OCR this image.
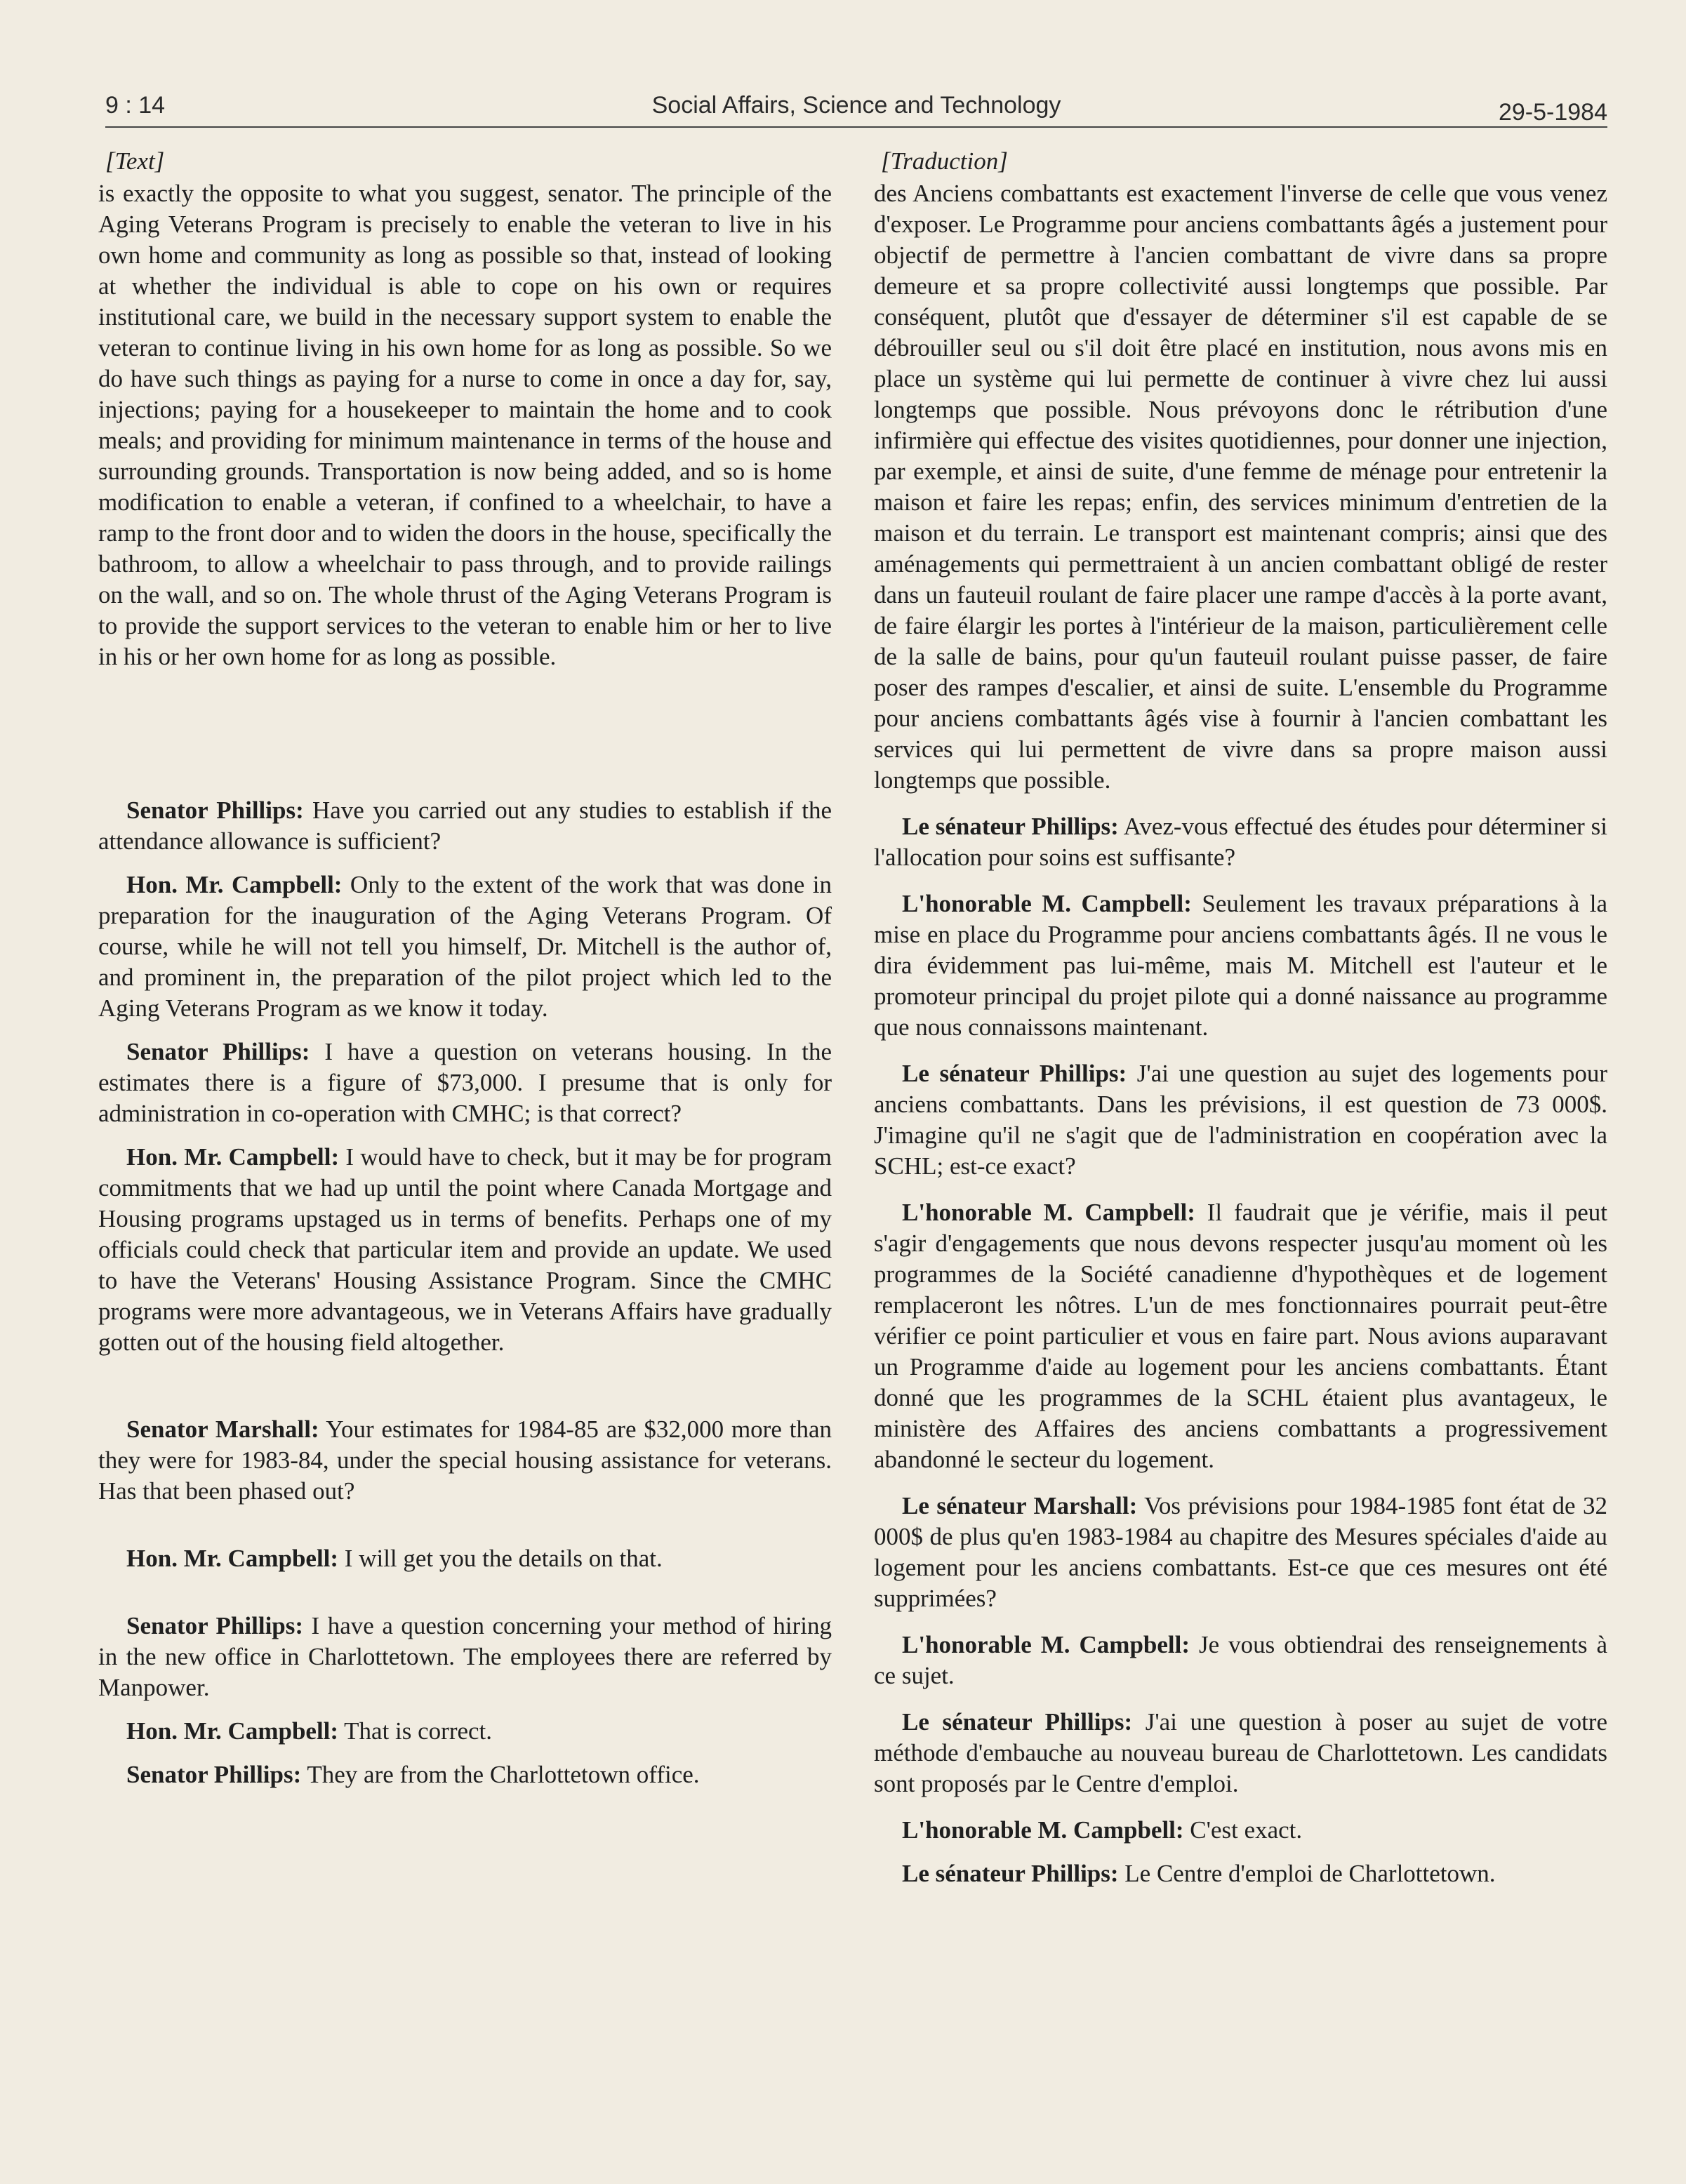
9 : 14	Social Affairs, Science and Technology	29-5-1984
[Text]

is exactly the opposite to what you suggest, senator. The principle of the Aging Veterans Program is precisely to enable the veteran to live in his own home and community as long as possible so that, instead of looking at whether the individual is able to cope on his own or requires institutional care, we build in the necessary support system to enable the veteran to continue living in his own home for as long as possible. So we do have such things as paying for a nurse to come in once a day for, say, injections; paying for a housekeeper to maintain the home and to cook meals; and providing for minimum maintenance in terms of the house and surrounding grounds. Transportation is now being added, and so is home modification to enable a veteran, if confined to a wheelchair, to have a ramp to the front door and to widen the doors in the house, specifically the bathroom, to allow a wheelchair to pass through, and to provide railings on the wall, and so on. The whole thrust of the Aging Veterans Program is to provide the support services to the veteran to enable him or her to live in his or her own home for as long as possible.

Senator Phillips: Have you carried out any studies to establish if the attendance allowance is sufficient?

Hon. Mr. Campbell: Only to the extent of the work that was done in preparation for the inauguration of the Aging Veterans Program. Of course, while he will not tell you himself, Dr. Mitchell is the author of, and prominent in, the preparation of the pilot project which led to the Aging Veterans Program as we know it today.

Senator Phillips: I have a question on veterans housing. In the estimates there is a figure of $73,000. I presume that is only for administration in co-operation with CMHC; is that correct?

Hon. Mr. Campbell: I would have to check, but it may be for program commitments that we had up until the point where Canada Mortgage and Housing programs upstaged us in terms of benefits. Perhaps one of my officials could check that particular item and provide an update. We used to have the Veterans' Housing Assistance Program. Since the CMHC programs were more advantageous, we in Veterans Affairs have gradually gotten out of the housing field altogether.

Senator Marshall: Your estimates for 1984-85 are $32,000 more than they were for 1983-84, under the special housing assistance for veterans. Has that been phased out?

Hon. Mr. Campbell: I will get you the details on that.

Senator Phillips: I have a question concerning your method of hiring in the new office in Charlottetown. The employees there are referred by Manpower.

Hon. Mr. Campbell: That is correct.

Senator Phillips: They are from the Charlottetown office.

[Traduction]

des Anciens combattants est exactement l'inverse de celle que vous venez d'exposer. Le Programme pour anciens combattants âgés a justement pour objectif de permettre à l'ancien combattant de vivre dans sa propre demeure et sa propre collectivité aussi longtemps que possible. Par conséquent, plutôt que d'essayer de déterminer s'il est capable de se débrouiller seul ou s'il doit être placé en institution, nous avons mis en place un système qui lui permette de continuer à vivre chez lui aussi longtemps que possible. Nous prévoyons donc le rétribution d'une infirmière qui effectue des visites quotidiennes, pour donner une injection, par exemple, et ainsi de suite, d'une femme de ménage pour entretenir la maison et faire les repas; enfin, des services minimum d'entretien de la maison et du terrain. Le transport est maintenant compris; ainsi que des aménagements qui permettraient à un ancien combattant obligé de rester dans un fauteuil roulant de faire placer une rampe d'accès à la porte avant, de faire élargir les portes à l'intérieur de la maison, particulièrement celle de la salle de bains, pour qu'un fauteuil roulant puisse passer, de faire poser des rampes d'escalier, et ainsi de suite. L'ensemble du Programme pour anciens combattants âgés vise à fournir à l'ancien combattant les services qui lui permettent de vivre dans sa propre maison aussi longtemps que possible.

Le sénateur Phillips: Avez-vous effectué des études pour déterminer si l'allocation pour soins est suffisante?

L'honorable M. Campbell: Seulement les travaux préparations à la mise en place du Programme pour anciens combattants âgés. Il ne vous le dira évidemment pas lui-même, mais M. Mitchell est l'auteur et le promoteur principal du projet pilote qui a donné naissance au programme que nous connaissons maintenant.

Le sénateur Phillips: J'ai une question au sujet des logements pour anciens combattants. Dans les prévisions, il est question de 73 000$. J'imagine qu'il ne s'agit que de l'administration en coopération avec la SCHL; est-ce exact?

L'honorable M. Campbell: Il faudrait que je vérifie, mais il peut s'agir d'engagements que nous devons respecter jusqu'au moment où les programmes de la Société canadienne d'hypothèques et de logement remplaceront les nôtres. L'un de mes fonctionnaires pourrait peut-être vérifier ce point particulier et vous en faire part. Nous avions auparavant un Programme d'aide au logement pour les anciens combattants. Étant donné que les programmes de la SCHL étaient plus avantageux, le ministère des Affaires des anciens combattants a progressivement abandonné le secteur du logement.

Le sénateur Marshall: Vos prévisions pour 1984-1985 font état de 32 000$ de plus qu'en 1983-1984 au chapitre des Mesures spéciales d'aide au logement pour les anciens combattants. Est-ce que ces mesures ont été supprimées?

L'honorable M. Campbell: Je vous obtiendrai des renseignements à ce sujet.

Le sénateur Phillips: J'ai une question à poser au sujet de votre méthode d'embauche au nouveau bureau de Charlottetown. Les candidats sont proposés par le Centre d'emploi.

L'honorable M. Campbell: C'est exact.

Le sénateur Phillips: Le Centre d'emploi de Charlottetown.
